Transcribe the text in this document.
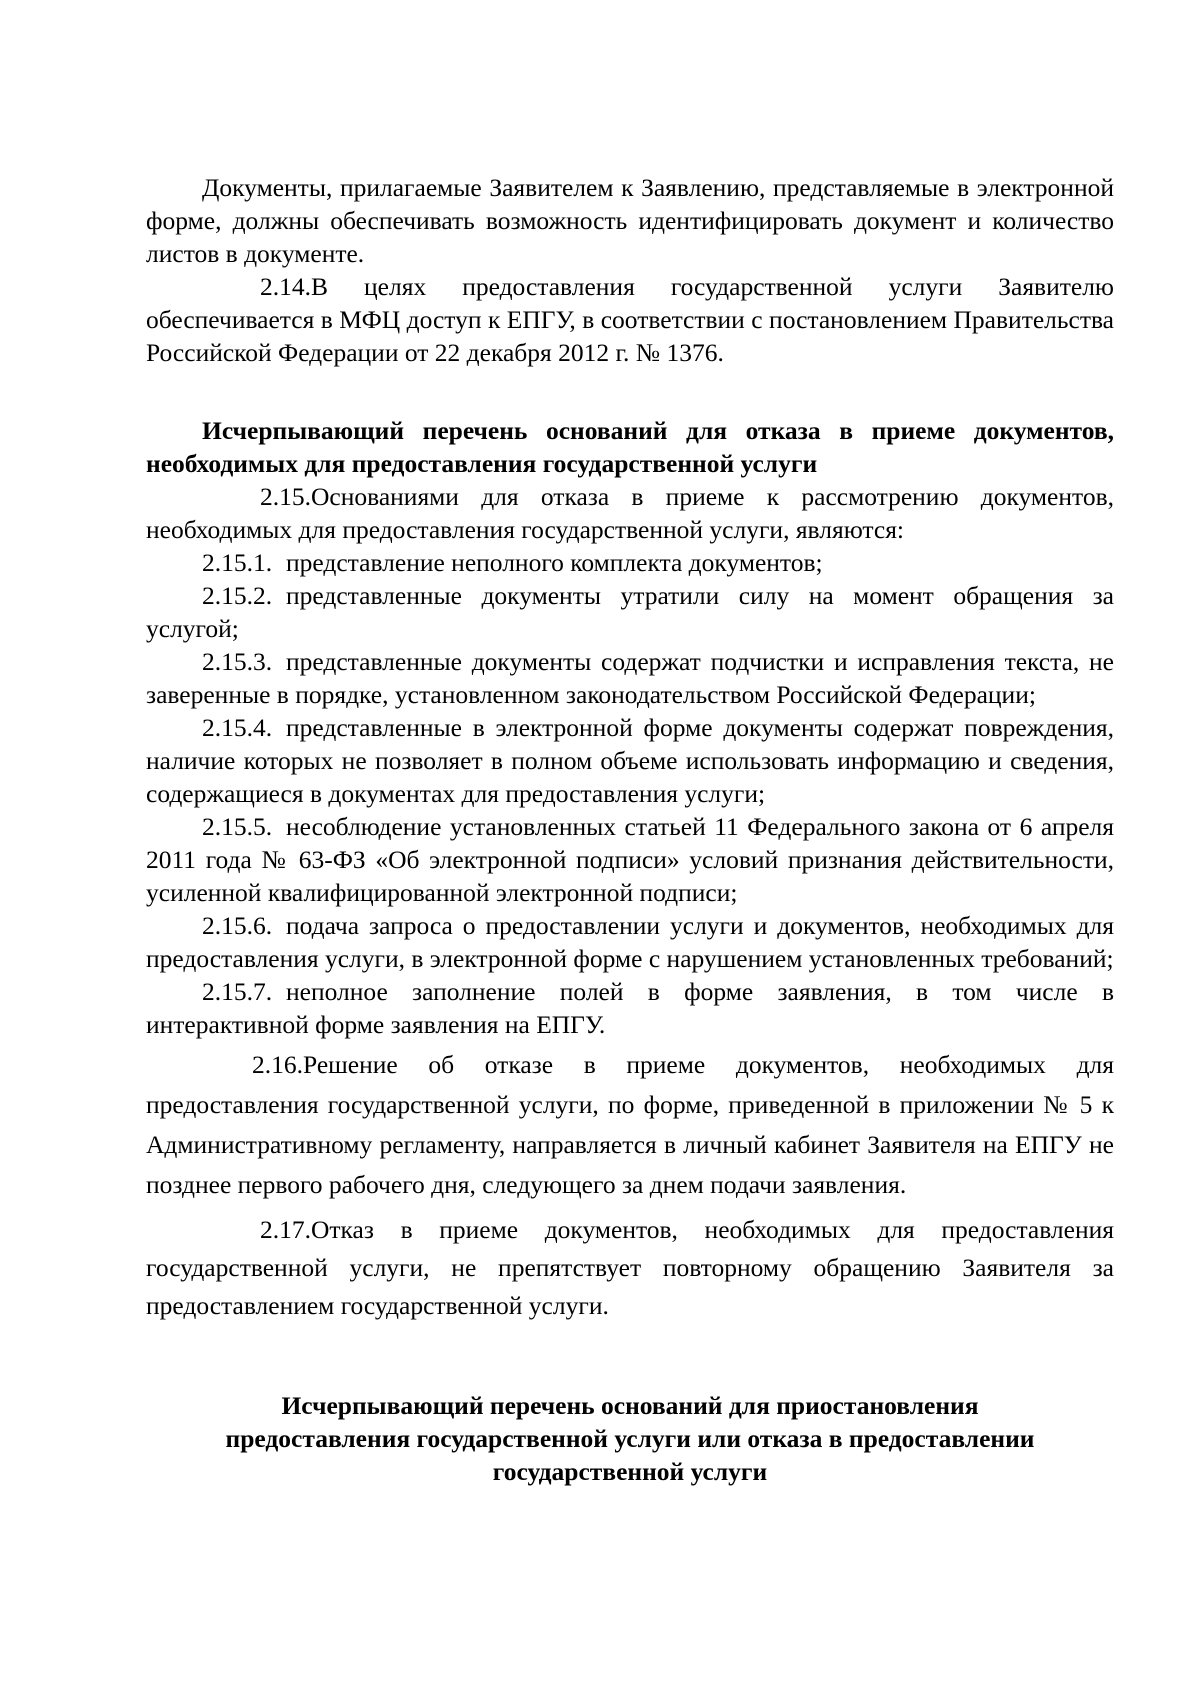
Документы, прилагаемые Заявителем к Заявлению, представляемые в электронной форме, должны обеспечивать возможность идентифицировать документ и количество листов в документе.

2.14.В целях предоставления государственной услуги Заявителю обеспечивается в МФЦ доступ к ЕПГУ, в соответствии с постановлением Правительства Российской Федерации от 22 декабря 2012 г. № 1376.

Исчерпывающий перечень оснований для отказа в приеме документов, необходимых для предоставления государственной услуги

2.15.Основаниями для отказа в приеме к рассмотрению документов, необходимых для предоставления государственной услуги, являются:

2.15.1. представление неполного комплекта документов;

2.15.2. представленные документы утратили силу на момент обращения за услугой;

2.15.3. представленные документы содержат подчистки и исправления текста, не заверенные в порядке, установленном законодательством Российской Федерации;

2.15.4. представленные в электронной форме документы содержат повреждения, наличие которых не позволяет в полном объеме использовать информацию и сведения, содержащиеся в документах для предоставления услуги;

2.15.5. несоблюдение установленных статьей 11 Федерального закона от 6 апреля 2011 года № 63-ФЗ «Об электронной подписи» условий признания действительности, усиленной квалифицированной электронной подписи;

2.15.6. подача запроса о предоставлении услуги и документов, необходимых для предоставления услуги, в электронной форме с нарушением установленных требований;

2.15.7. неполное заполнение полей в форме заявления, в том числе в интерактивной форме заявления на ЕПГУ.

2.16.Решение об отказе в приеме документов, необходимых для предоставления государственной услуги, по форме, приведенной в приложении № 5 к Административному регламенту, направляется в личный кабинет Заявителя на ЕПГУ не позднее первого рабочего дня, следующего за днем подачи заявления.

2.17.Отказ в приеме документов, необходимых для предоставления государственной услуги, не препятствует повторному обращению Заявителя за предоставлением государственной услуги.

Исчерпывающий перечень оснований для приостановления

предоставления государственной услуги или отказа в предоставлении

государственной услуги
